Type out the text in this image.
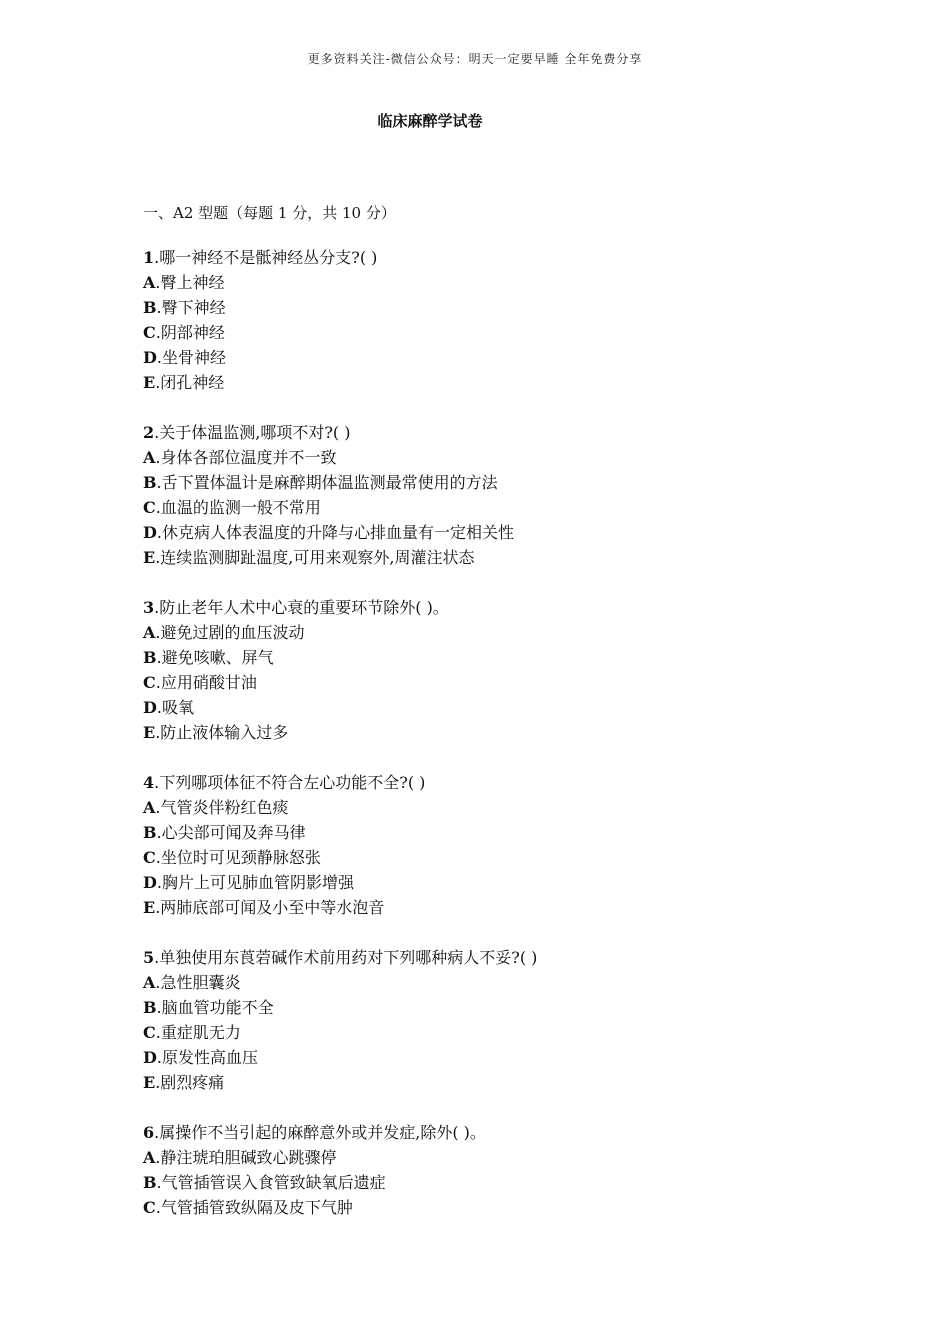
更多资料关注-微信公众号：明天一定要早睡 全年免费分享
临床麻醉学试卷
一、A2 型题（每题 1 分，共 10 分）
1.哪一神经不是骶神经丛分支?( )
A.臀上神经
B.臀下神经
C.阴部神经
D.坐骨神经
E.闭孔神经
2.关于体温监测,哪项不对?( )
A.身体各部位温度并不一致
B.舌下置体温计是麻醉期体温监测最常使用的方法
C.血温的监测一般不常用
D.休克病人体表温度的升降与心排血量有一定相关性
E.连续监测脚趾温度,可用来观察外,周灌注状态
3.防止老年人术中心衰的重要环节除外( )。
A.避免过剧的血压波动
B.避免咳嗽、屏气
C.应用硝酸甘油
D.吸氧
E.防止液体输入过多
4.下列哪项体征不符合左心功能不全?( )
A.气管炎伴粉红色痰
B.心尖部可闻及奔马律
C.坐位时可见颈静脉怒张
D.胸片上可见肺血管阴影增强
E.两肺底部可闻及小至中等水泡音
5.单独使用东莨菪碱作术前用药对下列哪种病人不妥?( )
A.急性胆囊炎
B.脑血管功能不全
C.重症肌无力
D.原发性高血压
E.剧烈疼痛
6.属操作不当引起的麻醉意外或并发症,除外( )。
A.静注琥珀胆碱致心跳骤停
B.气管插管误入食管致缺氧后遗症
C.气管插管致纵隔及皮下气肿
